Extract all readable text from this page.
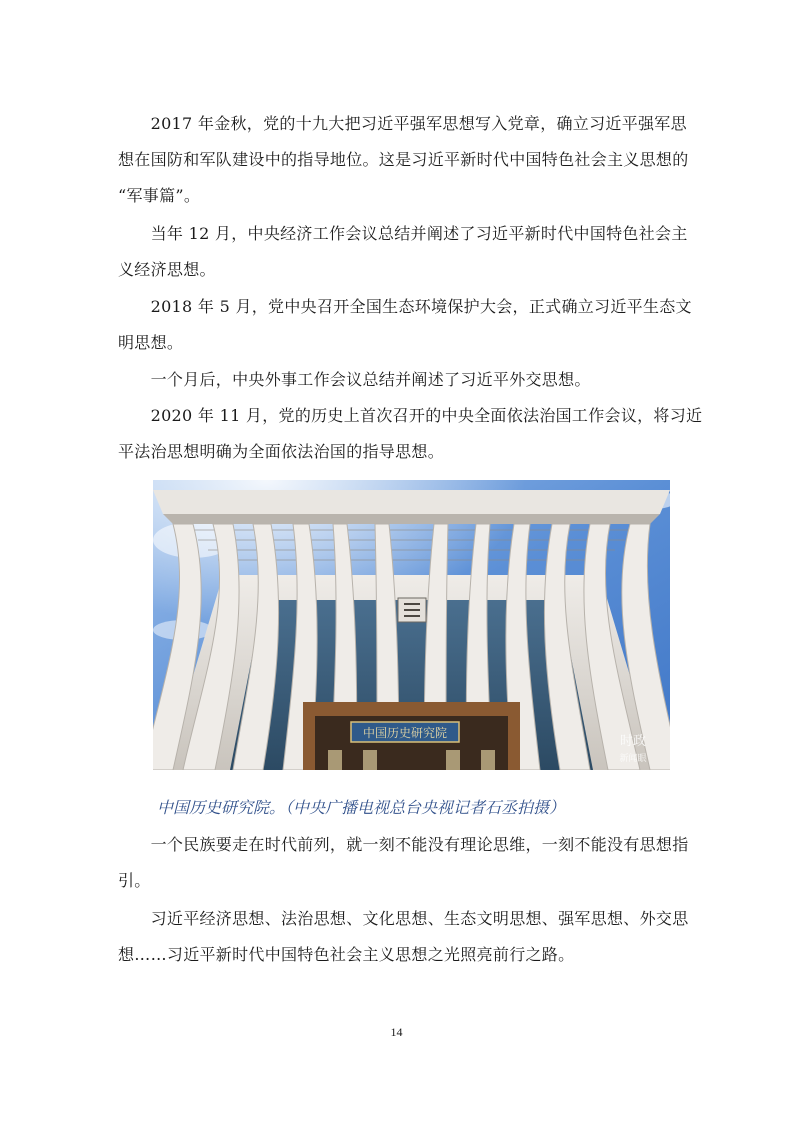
　　2017 年金秋，党的十九大把习近平强军思想写入党章，确立习近平强军思
想在国防和军队建设中的指导地位。这是习近平新时代中国特色社会主义思想的
“军事篇”。

　　当年 12 月，中央经济工作会议总结并阐述了习近平新时代中国特色社会主
义经济思想。

　　2018 年 5 月，党中央召开全国生态环境保护大会，正式确立习近平生态文
明思想。

　　一个月后，中央外事工作会议总结并阐述了习近平外交思想。

　　2020 年 11 月，党的历史上首次召开的中央全面依法治国工作会议，将习近
平法治思想明确为全面依法治国的指导思想。

中国历史研究院
时政
新闻眼
中国历史研究院。（中央广播电视总台央视记者石丞拍摄）

　　一个民族要走在时代前列，就一刻不能没有理论思维，一刻不能没有思想指
引。

　　习近平经济思想、法治思想、文化思想、生态文明思想、强军思想、外交思
想……习近平新时代中国特色社会主义思想之光照亮前行之路。

14
